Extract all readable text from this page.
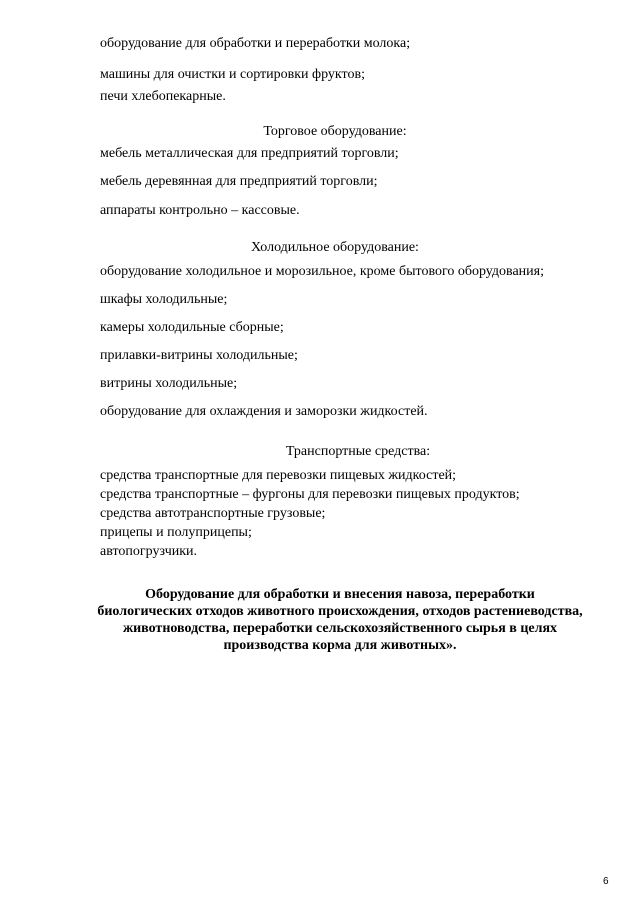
оборудование для обработки и переработки молока;
машины для очистки и сортировки фруктов;
печи хлебопекарные.
Торговое оборудование:
мебель металлическая для предприятий торговли;
мебель деревянная для предприятий торговли;
аппараты контрольно – кассовые.
Холодильное оборудование:
оборудование холодильное и морозильное, кроме бытового оборудования;
шкафы холодильные;
камеры холодильные сборные;
прилавки-витрины холодильные;
витрины холодильные;
оборудование для охлаждения и заморозки жидкостей.
Транспортные средства:
средства транспортные для перевозки пищевых жидкостей;
средства транспортные – фургоны для перевозки пищевых продуктов;
средства автотранспортные грузовые;
прицепы и полуприцепы;
автопогрузчики.
Оборудование для обработки и внесения навоза, переработки
биологических отходов животного происхождения, отходов растениеводства,
животноводства, переработки сельскохозяйственного сырья в целях
производства корма для животных».
6
